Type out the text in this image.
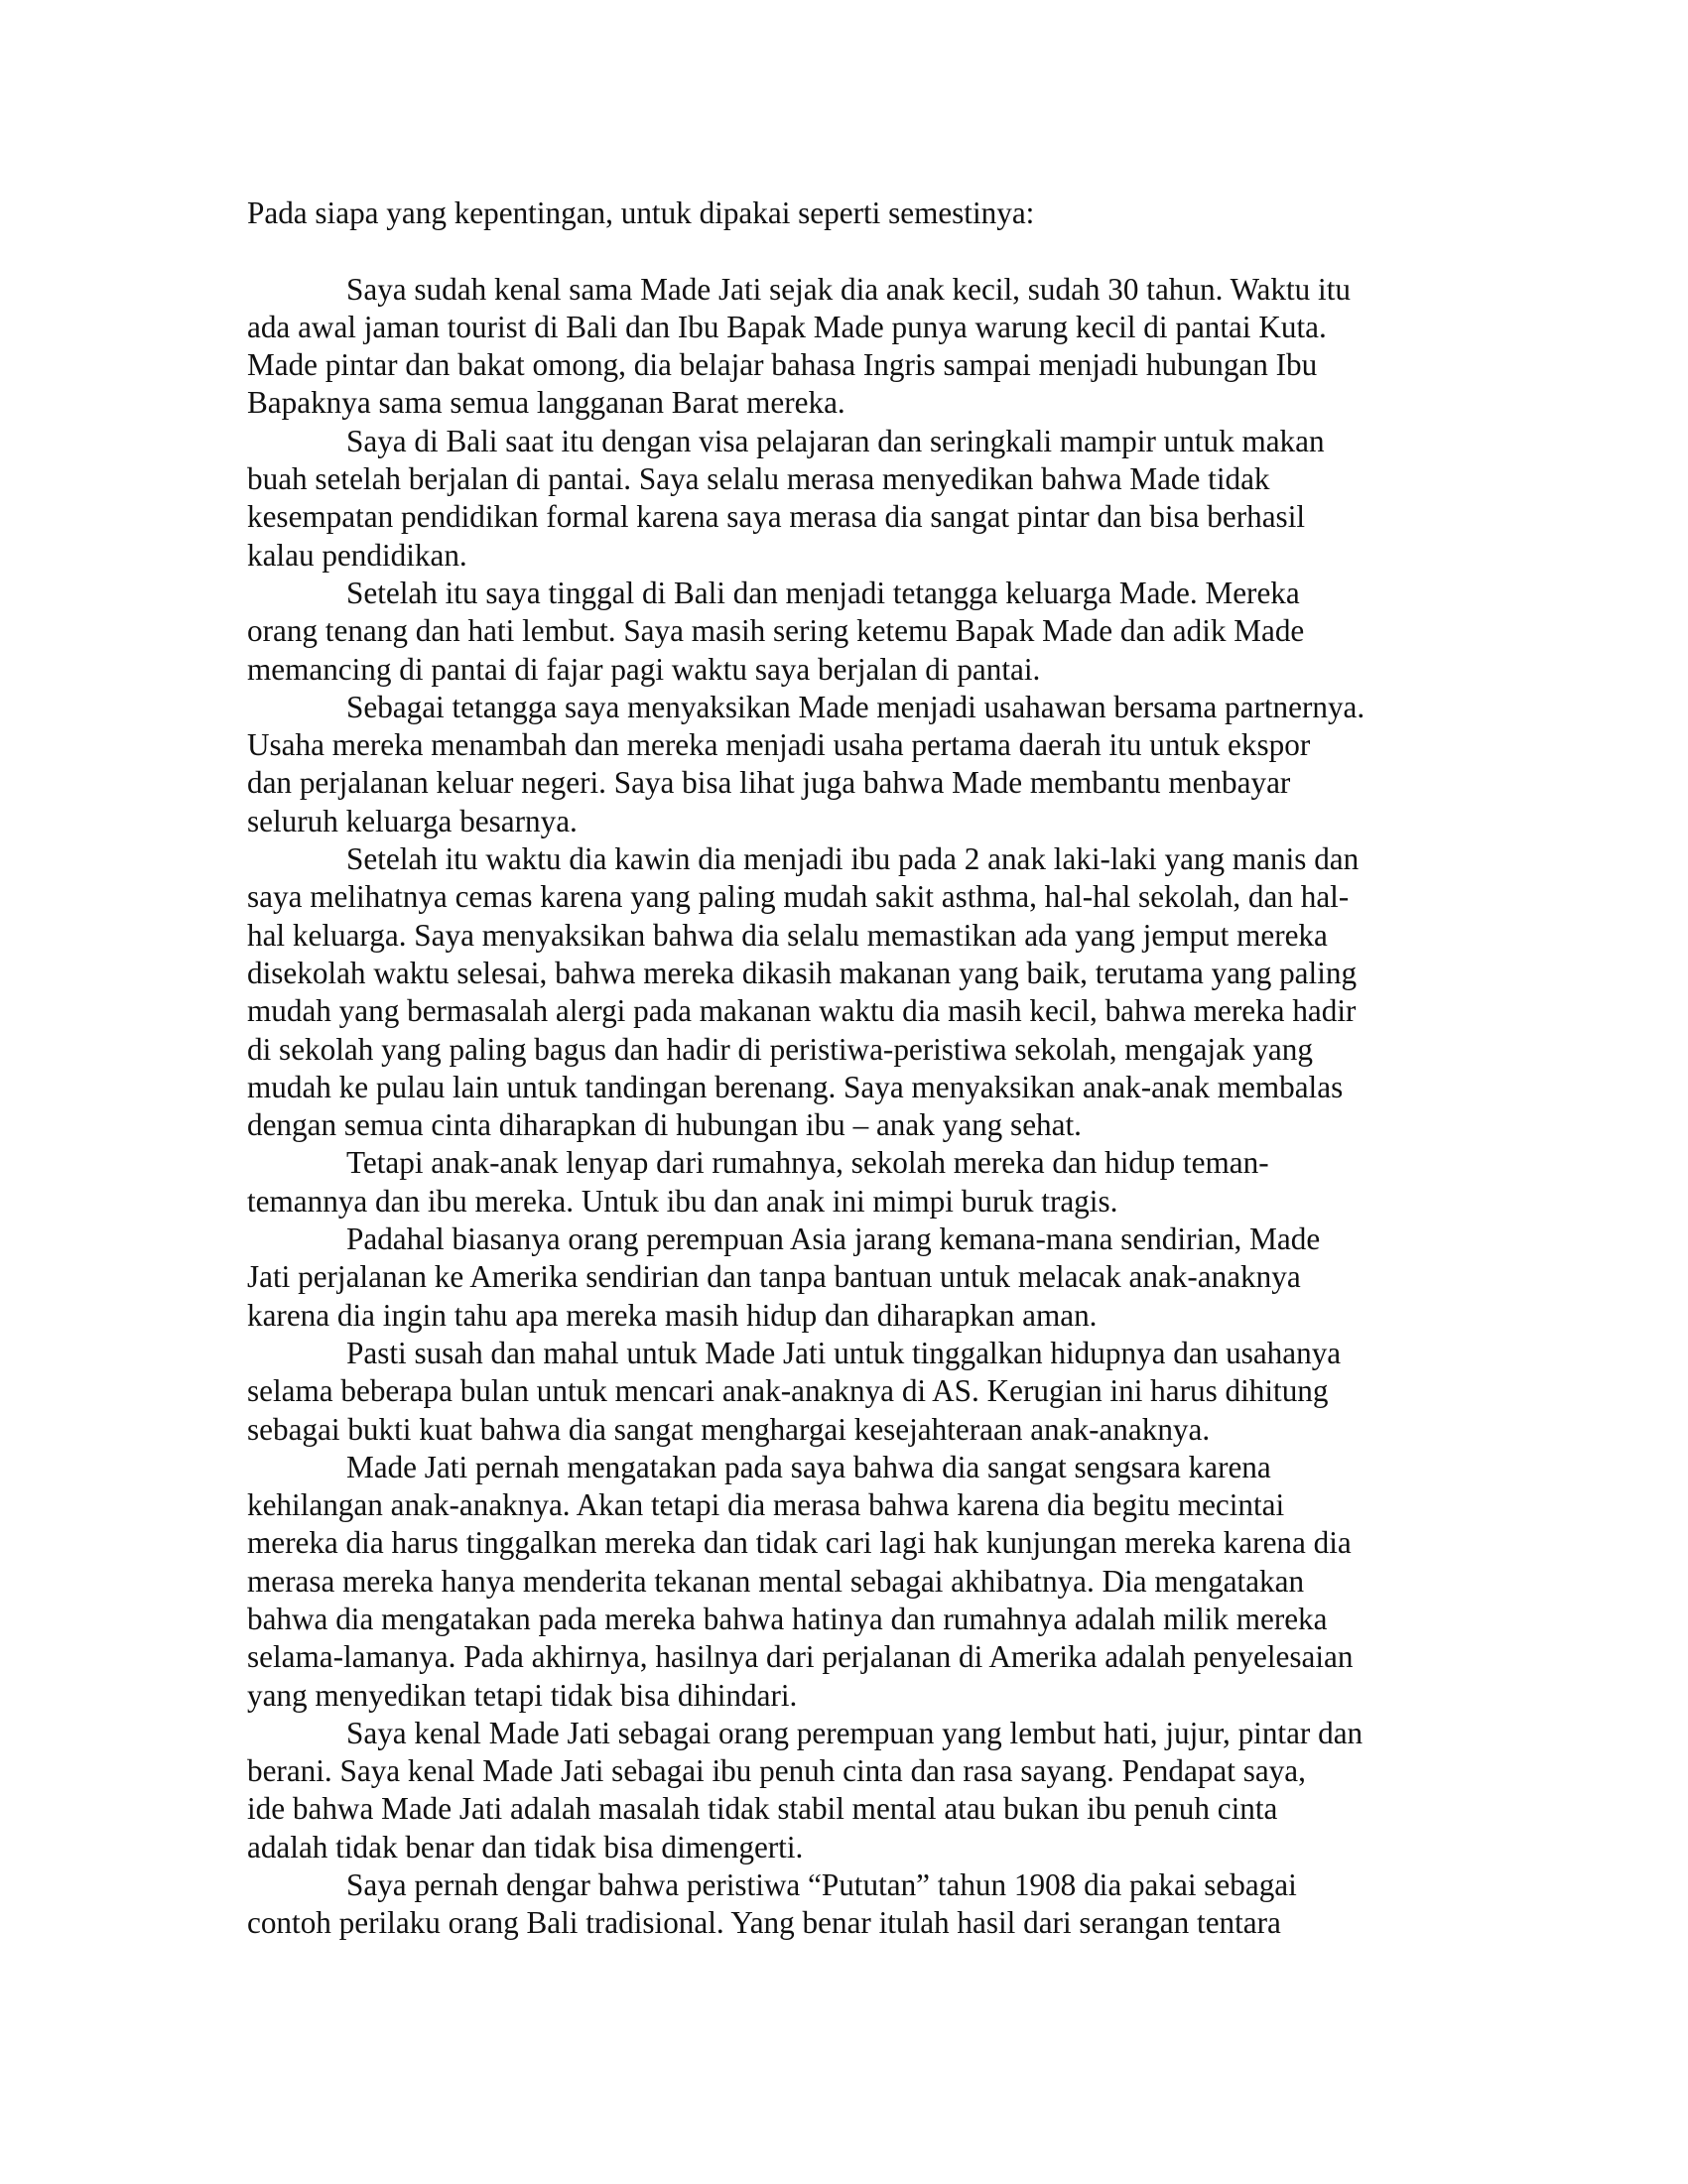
Pada siapa yang kepentingan, untuk dipakai seperti semestinya:

Saya sudah kenal sama Made Jati sejak dia anak kecil, sudah 30 tahun. Waktu itu
ada awal jaman tourist di Bali dan Ibu Bapak Made punya warung kecil di pantai Kuta.
Made pintar dan bakat omong, dia belajar bahasa Ingris sampai menjadi hubungan Ibu
Bapaknya sama semua langganan Barat mereka.

Saya di Bali saat itu dengan visa pelajaran dan seringkali mampir untuk makan
buah setelah berjalan di pantai. Saya selalu merasa menyedikan bahwa Made tidak
kesempatan pendidikan formal karena saya merasa dia sangat pintar dan bisa berhasil
kalau pendidikan.

Setelah itu saya tinggal di Bali dan menjadi tetangga keluarga Made. Mereka
orang tenang dan hati lembut. Saya masih sering ketemu Bapak Made dan adik Made
memancing di pantai di fajar pagi waktu saya berjalan di pantai.

Sebagai tetangga saya menyaksikan Made menjadi usahawan bersama partnernya.
Usaha mereka menambah dan mereka menjadi usaha pertama daerah itu untuk ekspor
dan perjalanan keluar negeri. Saya bisa lihat juga bahwa Made membantu menbayar
seluruh keluarga besarnya.

Setelah itu waktu dia kawin dia menjadi ibu pada 2 anak laki-laki yang manis dan
saya melihatnya cemas karena yang paling mudah sakit asthma, hal-hal sekolah, dan hal-
hal keluarga. Saya menyaksikan bahwa dia selalu memastikan ada yang jemput mereka
disekolah waktu selesai, bahwa mereka dikasih makanan yang baik, terutama yang paling
mudah yang bermasalah alergi pada makanan waktu dia masih kecil, bahwa mereka hadir
di sekolah yang paling bagus dan hadir di peristiwa-peristiwa sekolah, mengajak yang
mudah ke pulau lain untuk tandingan berenang. Saya menyaksikan anak-anak membalas
dengan semua cinta diharapkan di hubungan ibu – anak yang sehat.

Tetapi anak-anak lenyap dari rumahnya, sekolah mereka dan hidup teman-
temannya dan ibu mereka. Untuk ibu dan anak ini mimpi buruk tragis.

Padahal biasanya orang perempuan Asia jarang kemana-mana sendirian, Made
Jati perjalanan ke Amerika sendirian dan tanpa bantuan untuk melacak anak-anaknya
karena dia ingin tahu apa mereka masih hidup dan diharapkan aman.

Pasti susah dan mahal untuk Made Jati untuk tinggalkan hidupnya dan usahanya
selama beberapa bulan untuk mencari anak-anaknya di AS. Kerugian ini harus dihitung
sebagai bukti kuat bahwa dia sangat menghargai kesejahteraan anak-anaknya.

Made Jati pernah mengatakan pada saya bahwa dia sangat sengsara karena
kehilangan anak-anaknya. Akan tetapi dia merasa bahwa karena dia begitu mecintai
mereka dia harus tinggalkan mereka dan tidak cari lagi hak kunjungan mereka karena dia
merasa mereka hanya menderita tekanan mental sebagai akhibatnya. Dia mengatakan
bahwa dia mengatakan pada mereka bahwa hatinya dan rumahnya adalah milik mereka
selama-lamanya. Pada akhirnya, hasilnya dari perjalanan di Amerika adalah penyelesaian
yang menyedikan tetapi tidak bisa dihindari.

Saya kenal Made Jati sebagai orang perempuan yang lembut hati, jujur, pintar dan
berani. Saya kenal Made Jati sebagai ibu penuh cinta dan rasa sayang. Pendapat saya,
ide bahwa Made Jati adalah masalah tidak stabil mental atau bukan ibu penuh cinta
adalah tidak benar dan tidak bisa dimengerti.

Saya pernah dengar bahwa peristiwa “Pututan” tahun 1908 dia pakai sebagai
contoh perilaku orang Bali tradisional. Yang benar itulah hasil dari serangan tentara
